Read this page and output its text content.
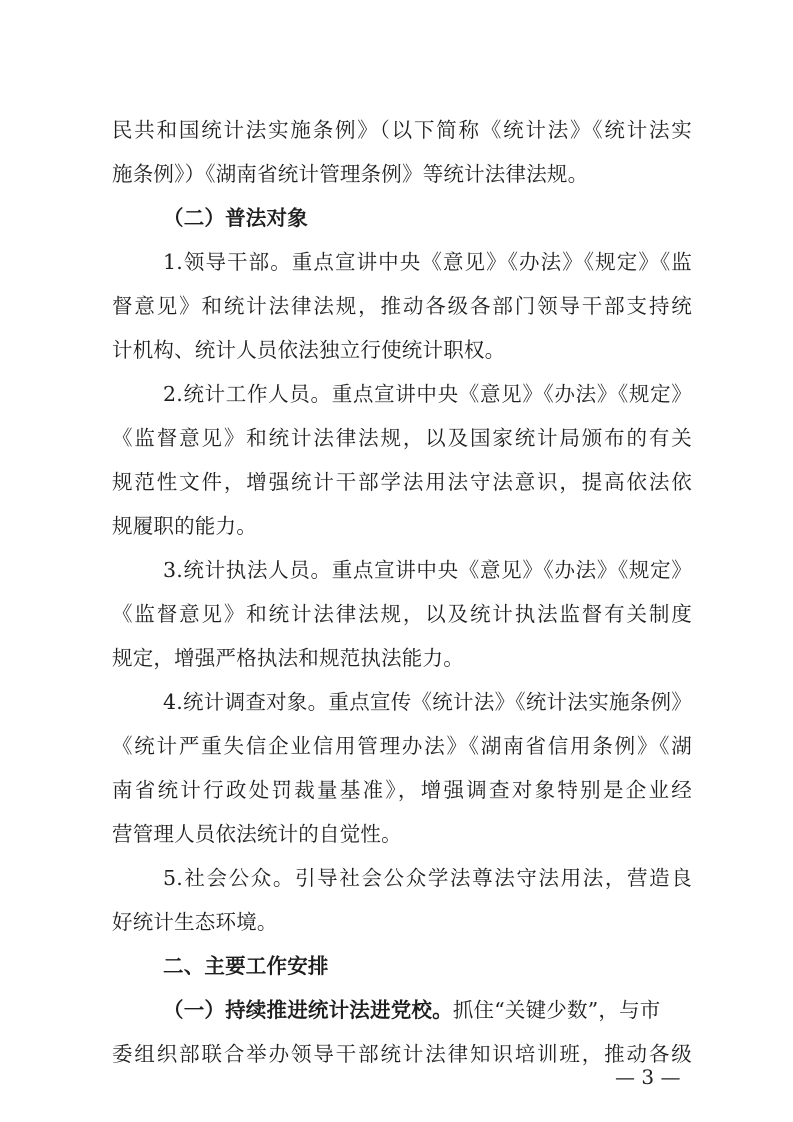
民共和国统计法实施条例》（以下简称《统计法》《统计法实
施条例》）《湖南省统计管理条例》等统计法律法规。
（二）普法对象
1.领导干部。重点宣讲中央《意见》《办法》《规定》《监
督意见》和统计法律法规，推动各级各部门领导干部支持统
计机构、统计人员依法独立行使统计职权。
2.统计工作人员。重点宣讲中央《意见》《办法》《规定》
《监督意见》和统计法律法规，以及国家统计局颁布的有关
规范性文件，增强统计干部学法用法守法意识，提高依法依
规履职的能力。
3.统计执法人员。重点宣讲中央《意见》《办法》《规定》
《监督意见》和统计法律法规，以及统计执法监督有关制度
规定，增强严格执法和规范执法能力。
4.统计调查对象。重点宣传《统计法》《统计法实施条例》
《统计严重失信企业信用管理办法》《湖南省信用条例》《湖
南省统计行政处罚裁量基准》，增强调查对象特别是企业经
营管理人员依法统计的自觉性。
5.社会公众。引导社会公众学法尊法守法用法，营造良
好统计生态环境。
二、主要工作安排
（一）持续推进统计法进党校。抓住“关键少数”，与市
委组织部联合举办领导干部统计法律知识培训班，推动各级
— 3 —
